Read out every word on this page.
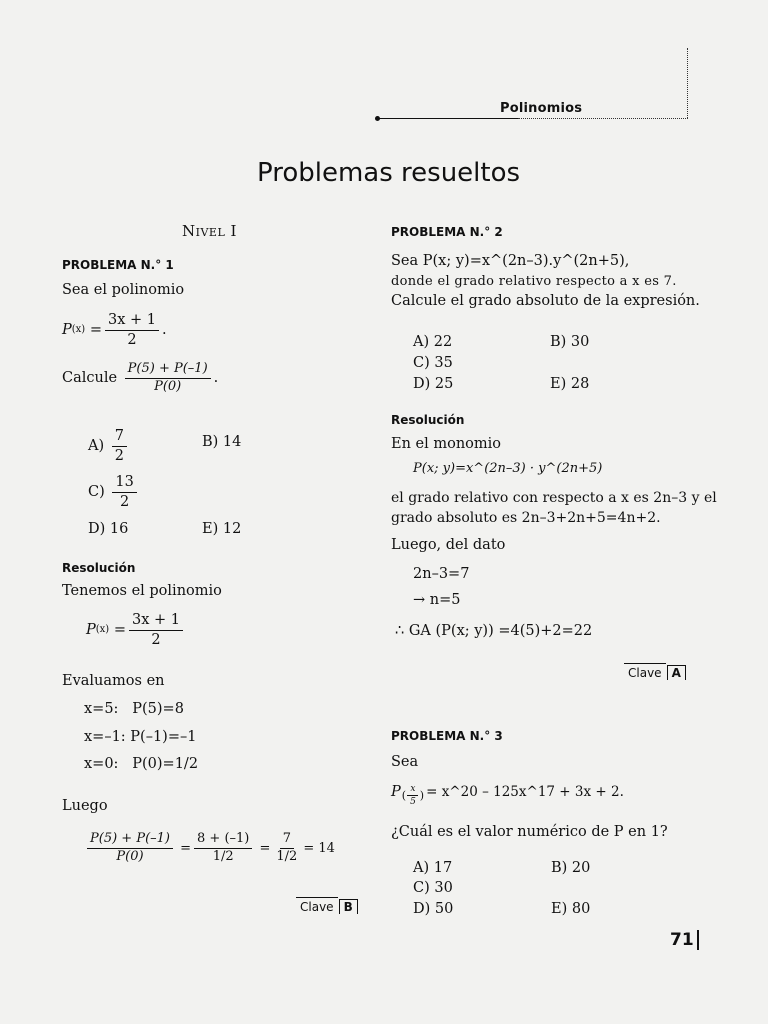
Polinomios
Problemas resueltos
Nivel I
PROBLEMA N.° 1
Sea el polinomio
P $(x) = \frac{3x + 1}{2}$ .
Calcule
$\frac{P(5) + P(-1)}{P(0)}$ .
A)
$\frac{7}{2}$	B) 14
C)
$\frac{13}{2}$
D) 16	E) 12
Resolución
Tenemos el polinomio
P $(x) = \frac{3x + 1}{2}$
Evaluamos en
x=5:   P(5)=8
x=–1: P(–1)=–1
x=0:   P(0)=1/2
Luego
$\frac{P(5) + P(-1)}{P(0)} = \frac{8 + (-1)}{1/2} = \frac{7}{1/2} = 14$
Clave B
PROBLEMA N.° 2
Sea P(x; y)=x^(2n–3).y^(2n+5),
donde el grado relativo respecto a x es 7.
Calcule el grado absoluto de la expresión.
A) 22	B) 30
C) 35
D) 25	E) 28
Resolución
En el monomio
P(x; y)=x^(2n–3) · y^(2n+5)
el grado relativo con respecto a x es 2n–3 y el
grado absoluto es 2n–3+2n+5=4n+2.
Luego, del dato
2n–3=7
→ n=5
∴ GA (P(x; y)) =4(5)+2=22
Clave A
PROBLEMA N.° 3
Sea
P ( $\frac{x}{5}$ ) = x^20 – 125x^17 + 3x + 2.
¿Cuál es el valor numérico de P en 1?
A) 17	B) 20
C) 30
D) 50	E) 80
71
